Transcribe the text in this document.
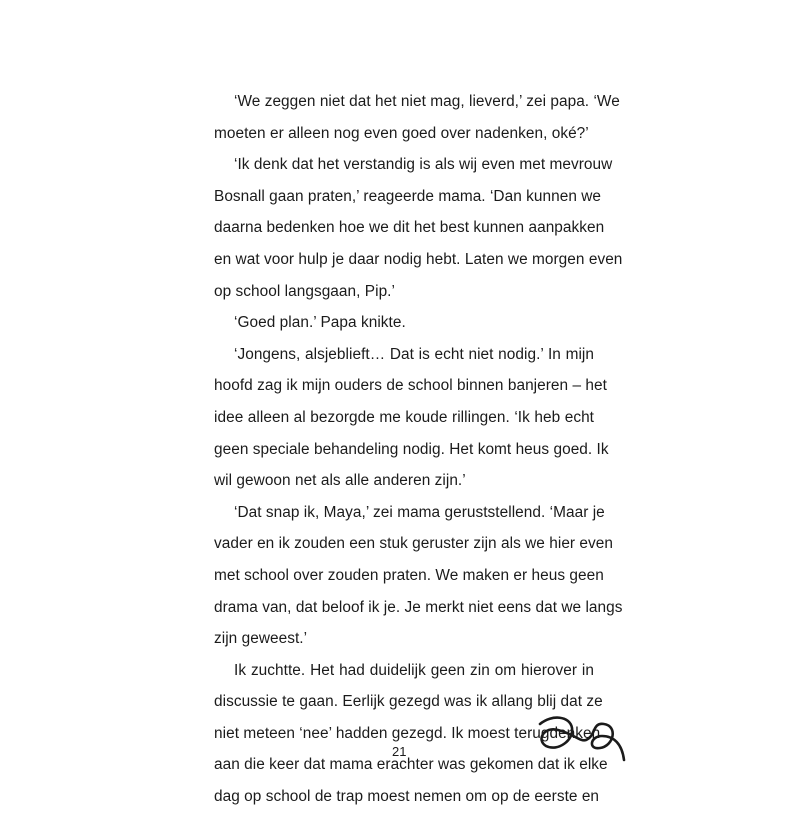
‘We zeggen niet dat het niet mag, lieverd,’ zei papa. ‘We
moeten er alleen nog even goed over nadenken, oké?’
‘Ik denk dat het verstandig is als wij even met mevrouw
Bosnall gaan praten,’ reageerde mama. ‘Dan kunnen we
daarna bedenken hoe we dit het best kunnen aanpakken
en wat voor hulp je daar nodig hebt. Laten we morgen even
op school langsgaan, Pip.’
‘Goed plan.’ Papa knikte.
‘Jongens, alsjeblieft… Dat is echt niet nodig.’ In mijn
hoofd zag ik mijn ouders de school binnen banjeren – het
idee alleen al bezorgde me koude rillingen. ‘Ik heb echt
geen speciale behandeling nodig. Het komt heus goed. Ik
wil gewoon net als alle anderen zijn.’
‘Dat snap ik, Maya,’ zei mama geruststellend. ‘Maar je
vader en ik zouden een stuk geruster zijn als we hier even
met school over zouden praten. We maken er heus geen
drama van, dat beloof ik je. Je merkt niet eens dat we langs
zijn geweest.’
Ik zuchtte. Het had duidelijk geen zin om hierover in
discussie te gaan. Eerlijk gezegd was ik allang blij dat ze
niet meteen ‘nee’ hadden gezegd. Ik moest terugdenken
aan die keer dat mama erachter was gekomen dat ik elke
dag op school de trap moest nemen om op de eerste en
21
